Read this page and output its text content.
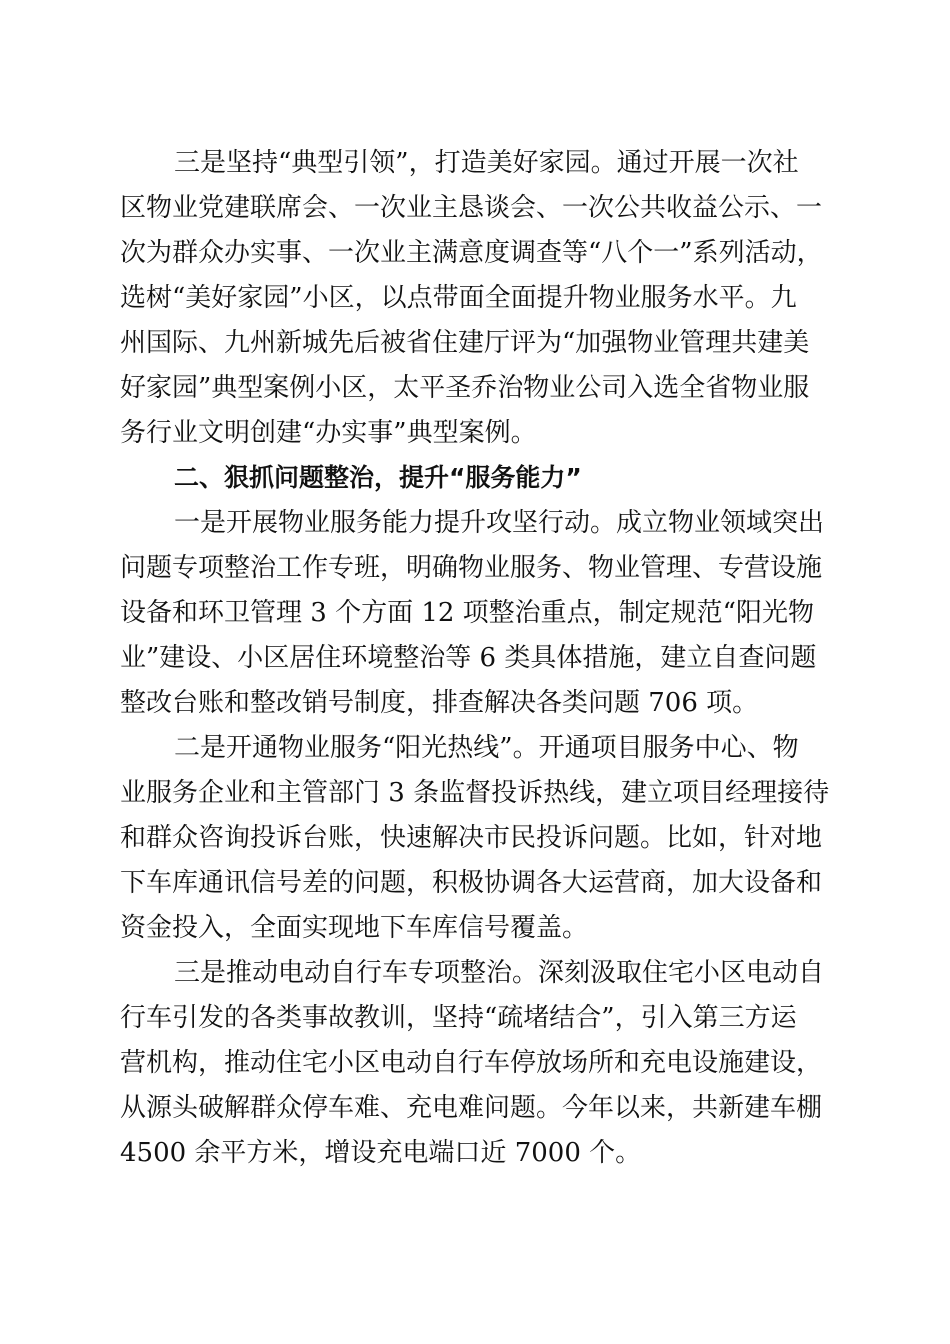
三是坚持“典型引领”，打造美好家园。通过开展一次社
区物业党建联席会、一次业主恳谈会、一次公共收益公示、一
次为群众办实事、一次业主满意度调查等“八个一”系列活动，
选树“美好家园”小区，以点带面全面提升物业服务水平。九
州国际、九州新城先后被省住建厅评为“加强物业管理共建美
好家园”典型案例小区，太平圣乔治物业公司入选全省物业服
务行业文明创建“办实事”典型案例。
二、狠抓问题整治，提升“服务能力”
一是开展物业服务能力提升攻坚行动。成立物业领域突出
问题专项整治工作专班，明确物业服务、物业管理、专营设施
设备和环卫管理 3 个方面 12 项整治重点，制定规范“阳光物
业”建设、小区居住环境整治等 6 类具体措施，建立自查问题
整改台账和整改销号制度，排查解决各类问题 706 项。
二是开通物业服务“阳光热线”。开通项目服务中心、物
业服务企业和主管部门 3 条监督投诉热线，建立项目经理接待
和群众咨询投诉台账，快速解决市民投诉问题。比如，针对地
下车库通讯信号差的问题，积极协调各大运营商，加大设备和
资金投入，全面实现地下车库信号覆盖。
三是推动电动自行车专项整治。深刻汲取住宅小区电动自
行车引发的各类事故教训，坚持“疏堵结合”，引入第三方运
营机构，推动住宅小区电动自行车停放场所和充电设施建设，
从源头破解群众停车难、充电难问题。今年以来，共新建车棚
4500 余平方米，增设充电端口近 7000 个。
